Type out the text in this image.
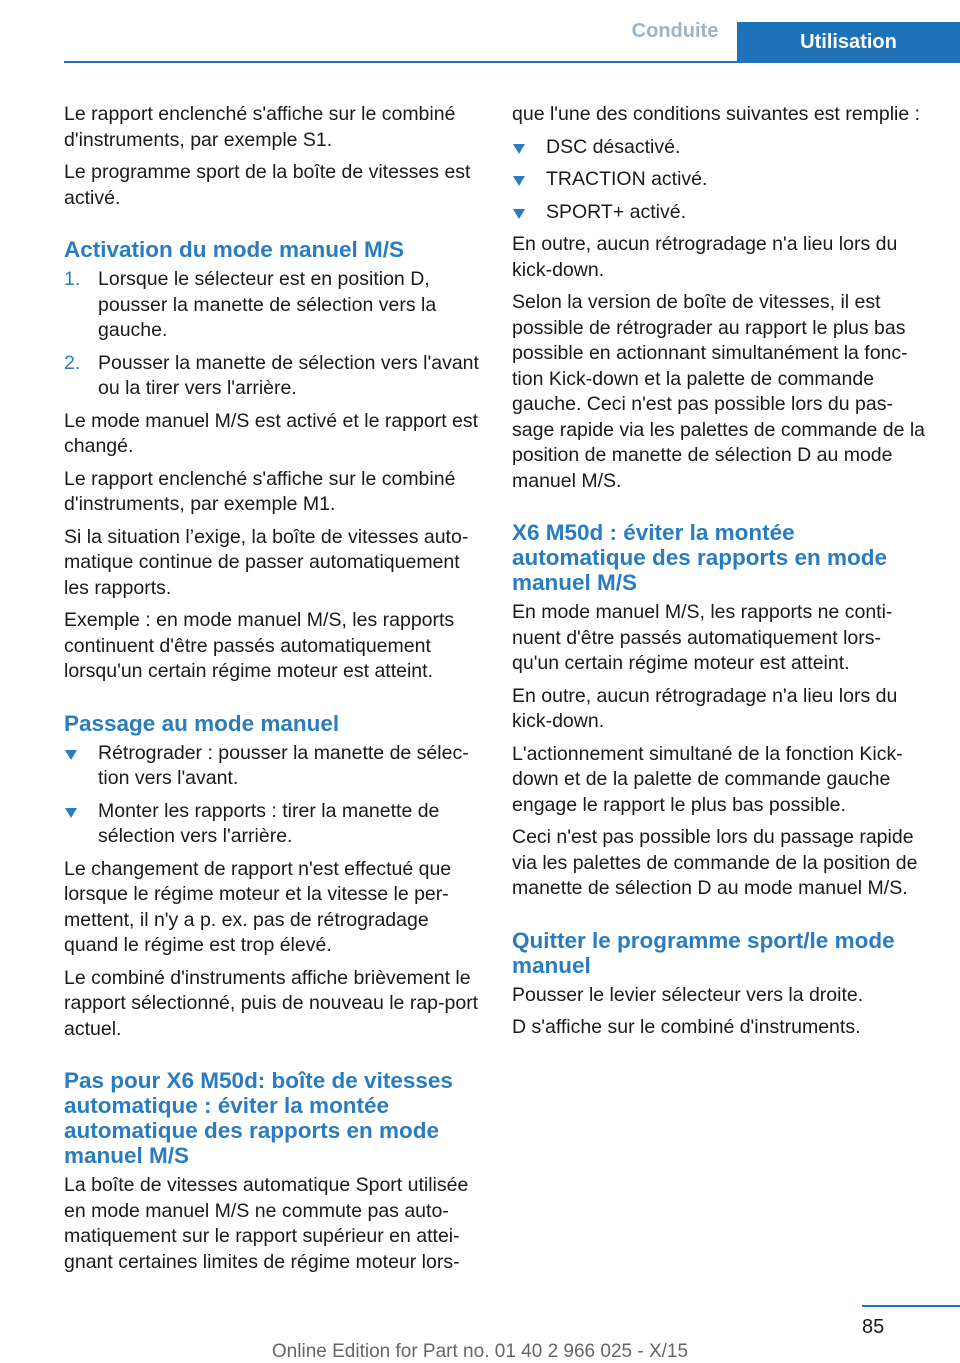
Conduite	Utilisation

Le rapport enclenché s'affiche sur le combiné d'instruments, par exemple S1.

Le programme sport de la boîte de vitesses est activé.

Activation du mode manuel M/S
1. Lorsque le sélecteur est en position D, pousser la manette de sélection vers la gauche.
2. Pousser la manette de sélection vers l'avant ou la tirer vers l'arrière.

Le mode manuel M/S est activé et le rapport est changé.

Le rapport enclenché s'affiche sur le combiné d'instruments, par exemple M1.

Si la situation l’exige, la boîte de vitesses auto-matique continue de passer automatiquement les rapports.

Exemple : en mode manuel M/S, les rapports continuent d'être passés automatiquement lorsqu'un certain régime moteur est atteint.

Passage au mode manuel
Rétrograder : pousser la manette de sélec-tion vers l'avant.
Monter les rapports : tirer la manette de sélection vers l'arrière.

Le changement de rapport n'est effectué que lorsque le régime moteur et la vitesse le per-mettent, il n'y a p. ex. pas de rétrogradage quand le régime est trop élevé.

Le combiné d'instruments affiche brièvement le rapport sélectionné, puis de nouveau le rap-port actuel.

Pas pour X6 M50d: boîte de vitesses automatique : éviter la montée automatique des rapports en mode manuel M/S

La boîte de vitesses automatique Sport utilisée en mode manuel M/S ne commute pas auto-matiquement sur le rapport supérieur en attei-gnant certaines limites de régime moteur lors-

que l'une des conditions suivantes est remplie :

DSC désactivé.
TRACTION activé.
SPORT+ activé.

En outre, aucun rétrogradage n'a lieu lors du kick-down.

Selon la version de boîte de vitesses, il est possible de rétrograder au rapport le plus bas possible en actionnant simultanément la fonc-tion Kick-down et la palette de commande gauche. Ceci n'est pas possible lors du pas-sage rapide via les palettes de commande de la position de manette de sélection D au mode manuel M/S.

X6 M50d : éviter la montée automatique des rapports en mode manuel M/S

En mode manuel M/S, les rapports ne conti-nuent d'être passés automatiquement lors-qu'un certain régime moteur est atteint.

En outre, aucun rétrogradage n'a lieu lors du kick-down.

L'actionnement simultané de la fonction Kick-down et de la palette de commande gauche engage le rapport le plus bas possible.

Ceci n'est pas possible lors du passage rapide via les palettes de commande de la position de manette de sélection D au mode manuel M/S.

Quitter le programme sport/le mode manuel

Pousser le levier sélecteur vers la droite.

D s'affiche sur le combiné d'instruments.

85
Online Edition for Part no. 01 40 2 966 025 - X/15
